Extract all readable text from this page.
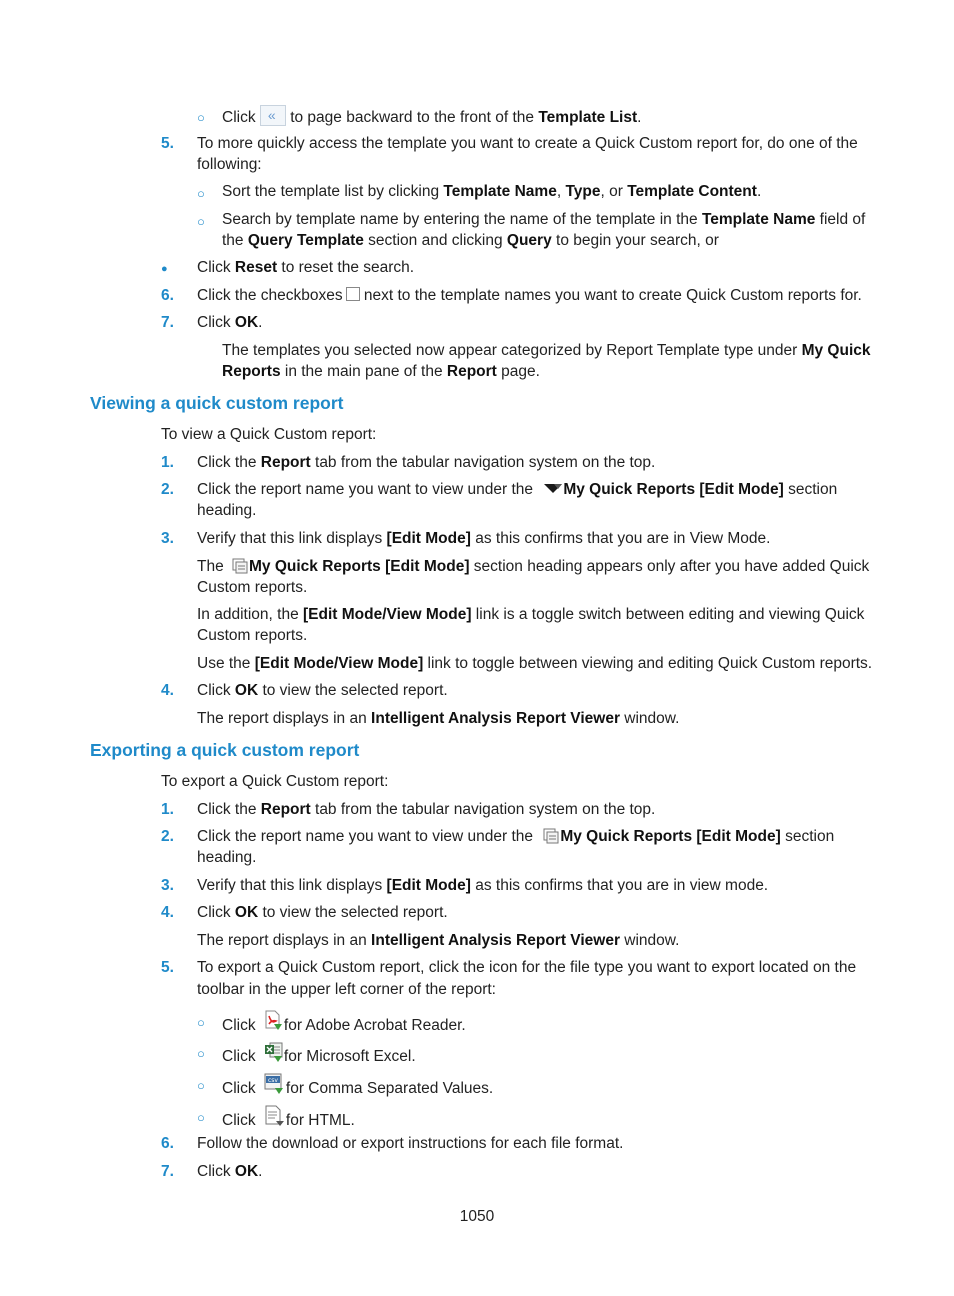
○ Click « to page backward to the front of the Template List.
5. To more quickly access the template you want to create a Quick Custom report for, do one of the
following:
○ Sort the template list by clicking Template Name, Type, or Template Content.
○ Search by template name by entering the name of the template in the Template Name field of
the Query Template section and clicking Query to begin your search, or
● Click Reset to reset the search.
6. Click the checkboxes next to the template names you want to create Quick Custom reports for.
7. Click OK.
The templates you selected now appear categorized by Report Template type under My Quick
Reports in the main pane of the Report page.
Viewing a quick custom report
To view a Quick Custom report:
1. Click the Report tab from the tabular navigation system on the top.
2. Click the report name you want to view under the My Quick Reports [Edit Mode] section
heading.
3. Verify that this link displays [Edit Mode] as this confirms that you are in View Mode.
The My Quick Reports [Edit Mode] section heading appears only after you have added Quick
Custom reports.
In addition, the [Edit Mode/View Mode] link is a toggle switch between editing and viewing Quick
Custom reports.
Use the [Edit Mode/View Mode] link to toggle between viewing and editing Quick Custom reports.
4. Click OK to view the selected report.
The report displays in an Intelligent Analysis Report Viewer window.
Exporting a quick custom report
To export a Quick Custom report:
1. Click the Report tab from the tabular navigation system on the top.
2. Click the report name you want to view under the My Quick Reports [Edit Mode] section
heading.
3. Verify that this link displays [Edit Mode] as this confirms that you are in view mode.
4. Click OK to view the selected report.
The report displays in an Intelligent Analysis Report Viewer window.
5. To export a Quick Custom report, click the icon for the file type you want to export located on the
toolbar in the upper left corner of the report:
○ Click for Adobe Acrobat Reader.
○ Click for Microsoft Excel.
○ Click csv for Comma Separated Values.
○ Click for HTML.
6. Follow the download or export instructions for each file format.
7. Click OK.
1050
